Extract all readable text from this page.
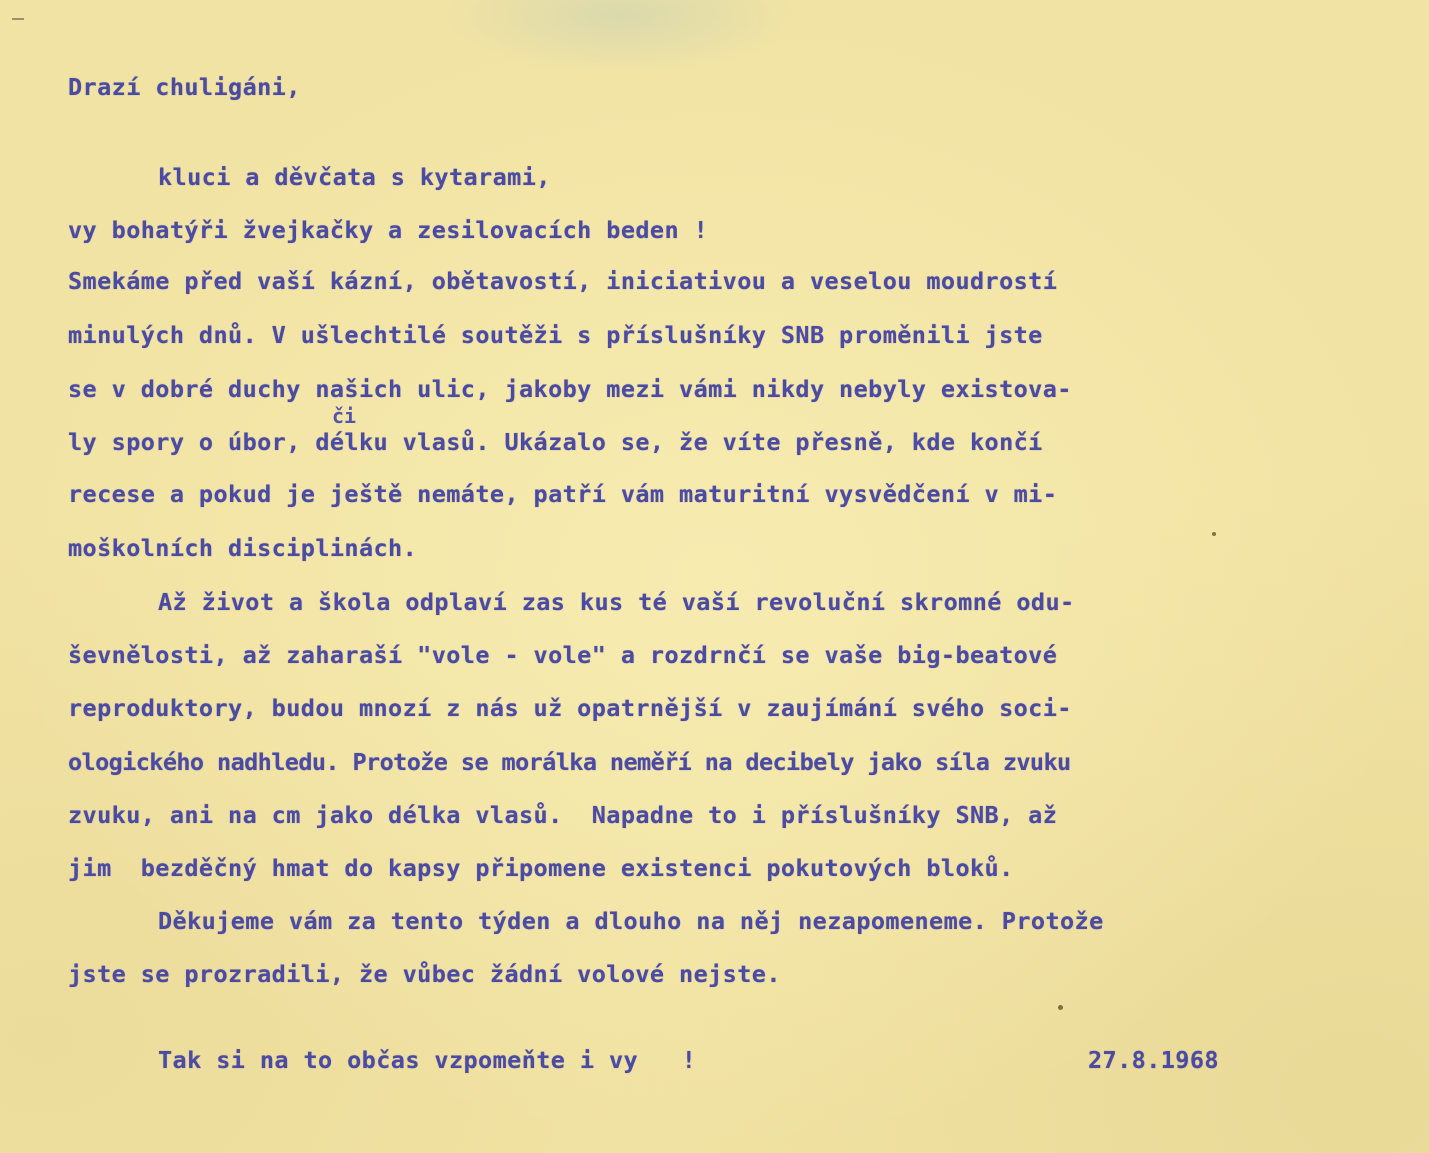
Drazí chuligáni,

kluci a děvčata s kytarami,

vy bohatýři žvejkačky a zesilovacích beden !

Smekáme před vaší kázní, obětavostí, iniciativou a veselou moudrostí

minulých dnů. V ušlechtilé soutěži s příslušníky SNB proměnili jste

se v dobré duchy našich ulic, jakoby mezi vámi nikdy nebyly existova-

či

ly spory o úbor, délku vlasů. Ukázalo se, že víte přesně, kde končí

recese a pokud je ještě nemáte, patří vám maturitní vysvědčení v mi-

moškolních disciplinách.

Až život a škola odplaví zas kus té vaší revoluční skromné odu-

ševnělosti, až zaharaší "vole - vole" a rozdrnčí se vaše big-beatové

reproduktory, budou mnozí z nás už opatrnější v zaujímání svého soci-

ologického nadhledu. Protože se morálka neměří na decibely jako síla zvuku

zvuku, ani na cm jako délka vlasů.  Napadne to i příslušníky SNB, až

jim  bezděčný hmat do kapsy připomene existenci pokutových bloků.

Děkujeme vám za tento týden a dlouho na něj nezapomeneme. Protože

jste se prozradili, že vůbec žádní volové nejste.

Tak si na to občas vzpomeňte i vy   !	27.8.1968
